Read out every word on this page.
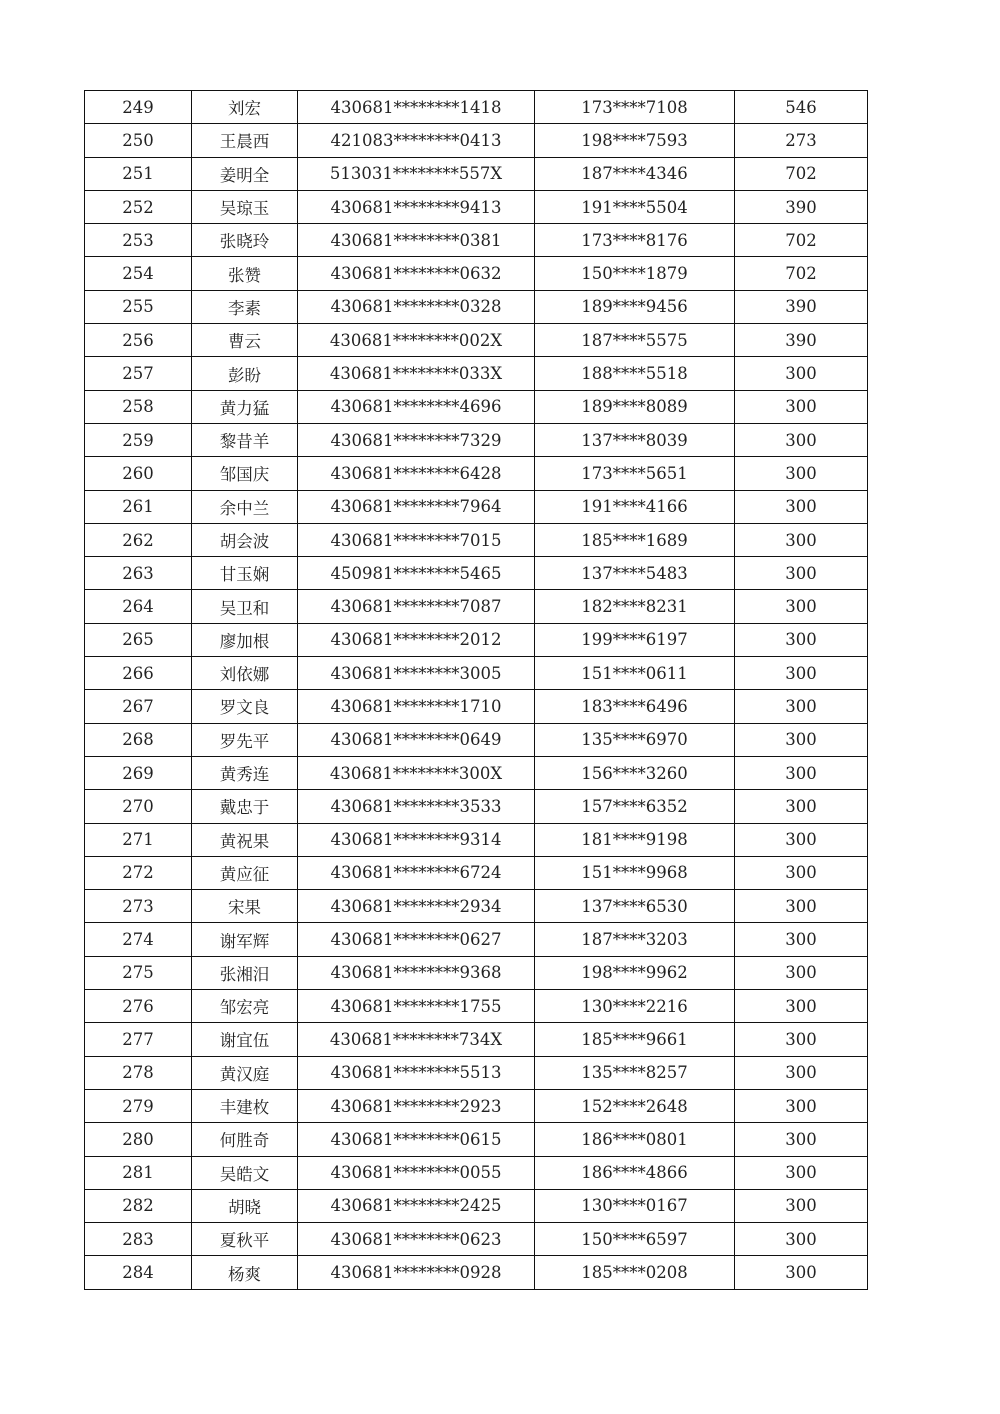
249	刘宏	430681********1418	173****7108	546
250	王晨西	421083********0413	198****7593	273
251	姜明全	513031********557X	187****4346	702
252	吴琼玉	430681********9413	191****5504	390
253	张晓玲	430681********0381	173****8176	702
254	张赞	430681********0632	150****1879	702
255	李素	430681********0328	189****9456	390
256	曹云	430681********002X	187****5575	390
257	彭盼	430681********033X	188****5518	300
258	黄力猛	430681********4696	189****8089	300
259	黎昔羊	430681********7329	137****8039	300
260	邹国庆	430681********6428	173****5651	300
261	余中兰	430681********7964	191****4166	300
262	胡会波	430681********7015	185****1689	300
263	甘玉娴	450981********5465	137****5483	300
264	吴卫和	430681********7087	182****8231	300
265	廖加根	430681********2012	199****6197	300
266	刘依娜	430681********3005	151****0611	300
267	罗文良	430681********1710	183****6496	300
268	罗先平	430681********0649	135****6970	300
269	黄秀连	430681********300X	156****3260	300
270	戴忠于	430681********3533	157****6352	300
271	黄祝果	430681********9314	181****9198	300
272	黄应征	430681********6724	151****9968	300
273	宋果	430681********2934	137****6530	300
274	谢军辉	430681********0627	187****3203	300
275	张湘汨	430681********9368	198****9962	300
276	邹宏亮	430681********1755	130****2216	300
277	谢宜伍	430681********734X	185****9661	300
278	黄汉庭	430681********5513	135****8257	300
279	丰建枚	430681********2923	152****2648	300
280	何胜奇	430681********0615	186****0801	300
281	吴皓文	430681********0055	186****4866	300
282	胡晓	430681********2425	130****0167	300
283	夏秋平	430681********0623	150****6597	300
284	杨爽	430681********0928	185****0208	300
